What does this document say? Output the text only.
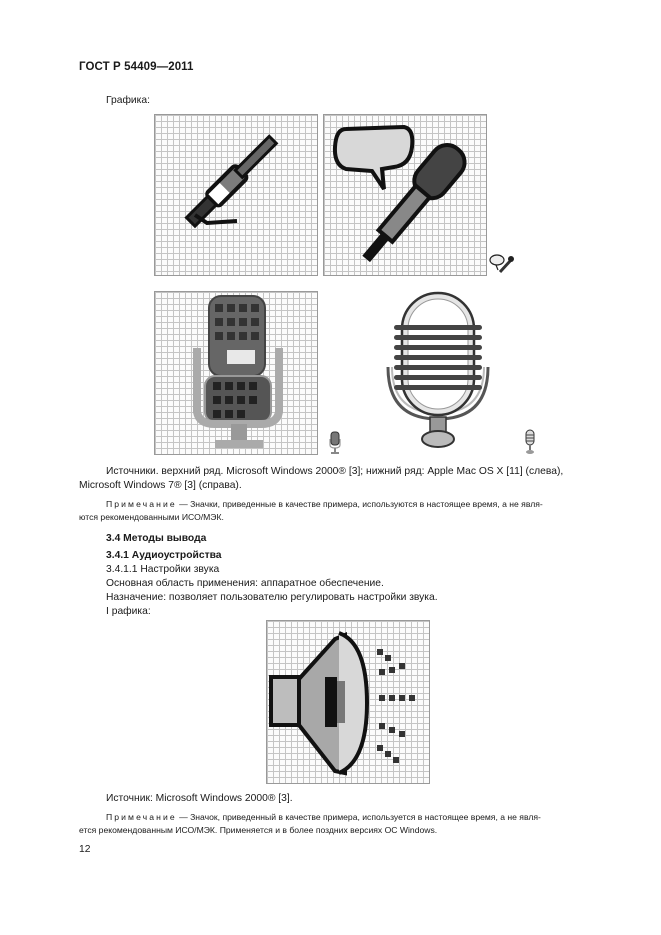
ГОСТ Р 54409—2011
Графика:
Источники. верхний ряд. Microsoft Windows 2000® [3]; нижний ряд: Apple Mac OS X [11] (слева),
Microsoft Windows 7® [3] (справа).
Примечание — Значки, приведенные в качестве примера, используются в настоящее время, а не явля-
ются рекомендованными ИСО/МЭК.
3.4 Методы вывода
3.4.1 Аудиоустройства
3.4.1.1 Настройки звука
Основная область применения: аппаратное обеспечение.
Назначение: позволяет пользователю регулировать настройки звука.
I рафика:
Источник: Microsoft Windows 2000® [3].
Примечание — Значок, приведенный в качестве примера, используется в настоящее время, а не явля-
ется рекомендованным ИСО/МЭК. Применяется и в более поздних версиях ОС Windows.
12
